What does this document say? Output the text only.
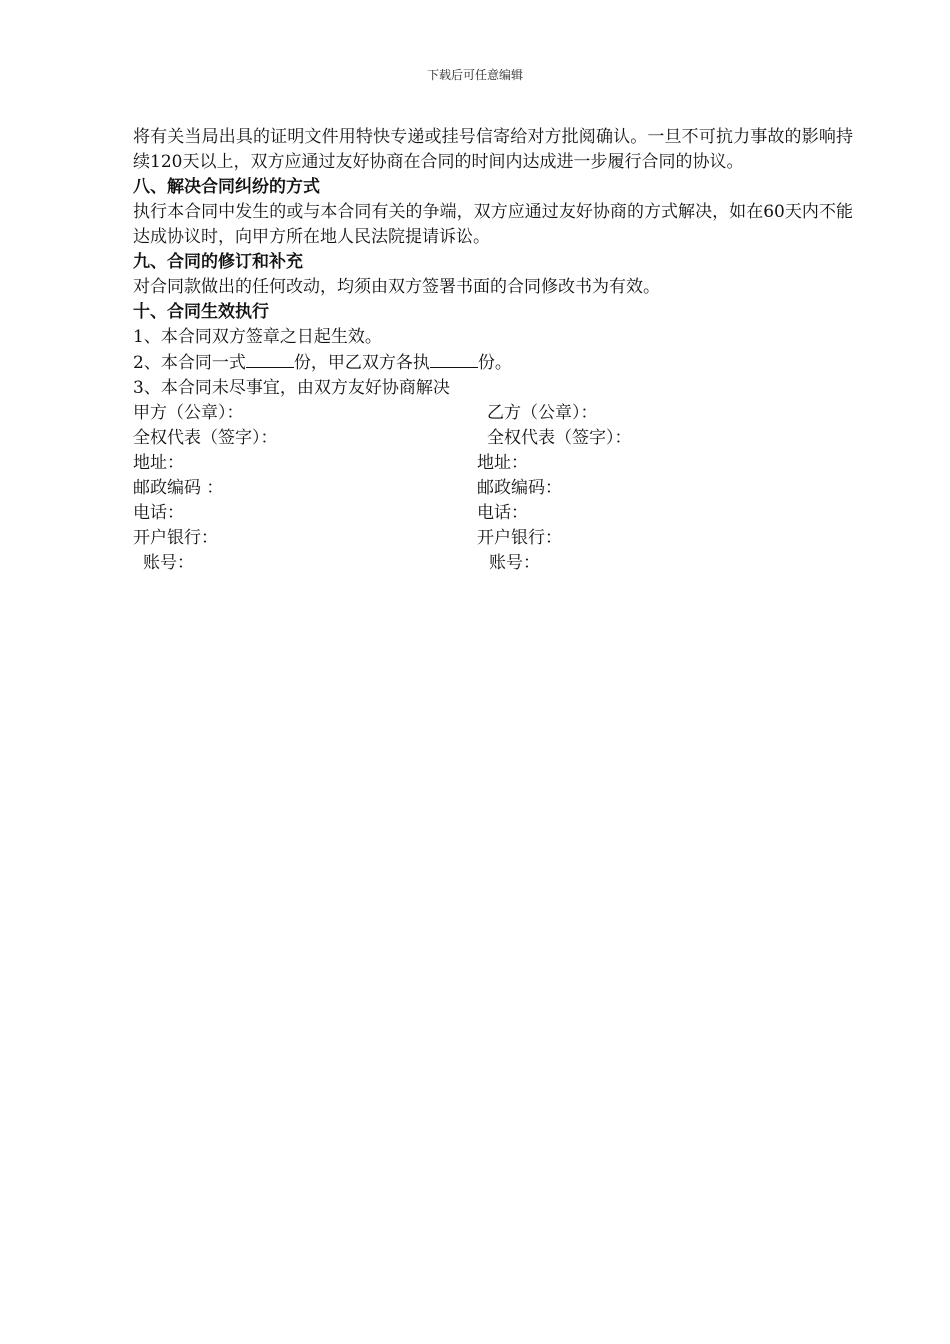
下载后可任意编辑

将有关当局出具的证明文件用特快专递或挂号信寄给对方批阅确认。一旦不可抗力事故的影响持续120天以上，双方应通过友好协商在合同的时间内达成进一步履行合同的协议。

八、解决合同纠纷的方式

执行本合同中发生的或与本合同有关的争端，双方应通过友好协商的方式解决，如在60天内不能达成协议时，向甲方所在地人民法院提请诉讼。

九、合同的修订和补充

对合同款做出的任何改动，均须由双方签署书面的合同修改书为有效。

十、合同生效执行

1、本合同双方签章之日起生效。

2、本合同一式	份，甲乙双方各执	份。

3、本合同未尽事宜，由双方友好协商解决

甲方（公章）：	乙方（公章）：
全权代表（签字）：	全权代表（签字）：
地址：	地址：
邮政编码 ：	邮政编码：
电话：	电话：
开户银行：	开户银行：
账号：	账号：
